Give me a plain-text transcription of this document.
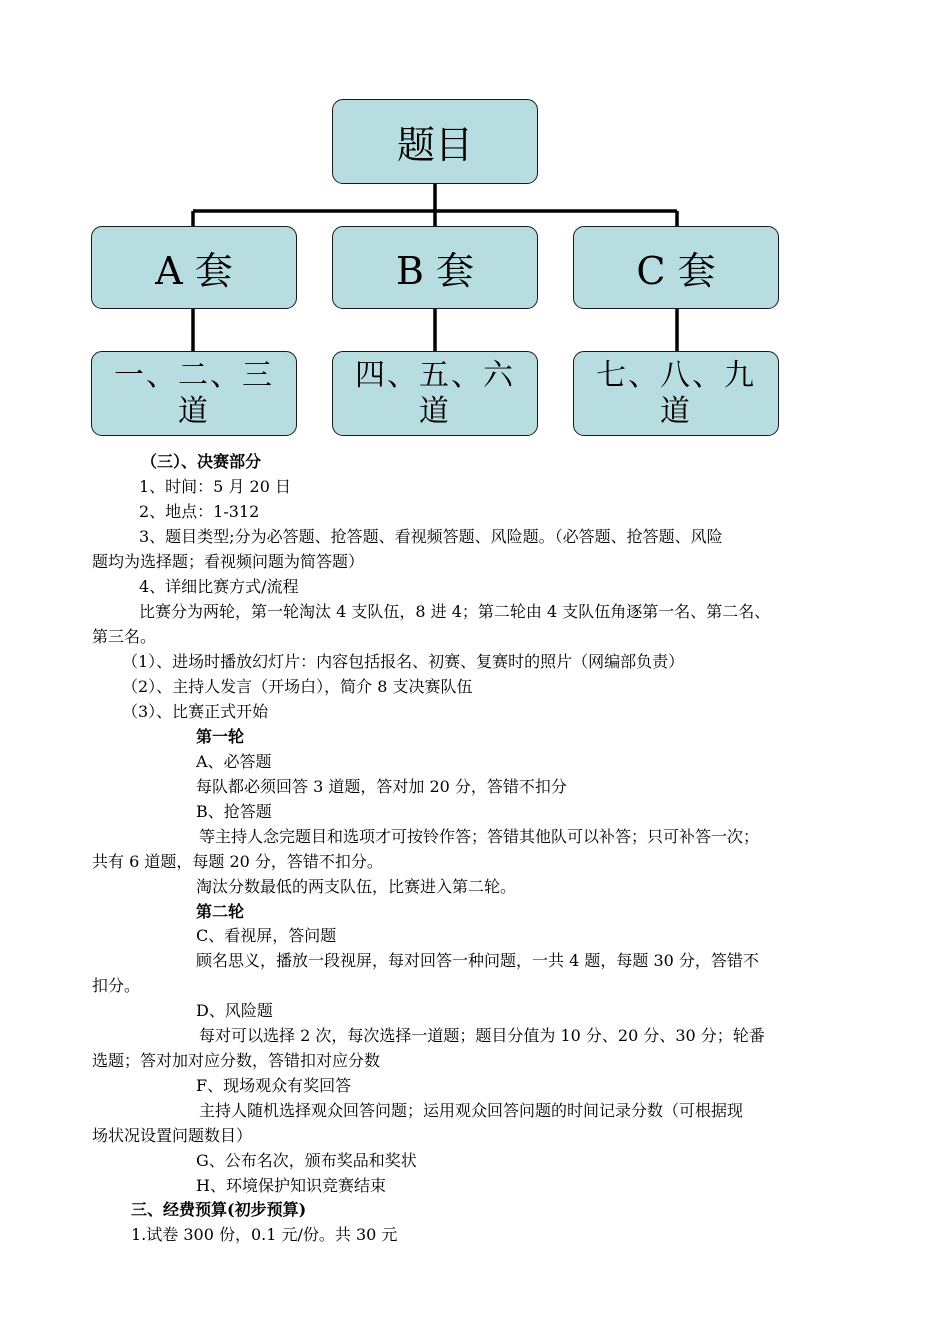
题目
A 套	B 套	C 套
一、二、三道
四、五、六道
七、八、九道
（三）、决赛部分
1、时间：5 月 20 日
2、地点：1-312
3、题目类型;分为必答题、抢答题、看视频答题、风险题。（必答题、抢答题、风险
题均为选择题；看视频问题为简答题）
4、详细比赛方式/流程
比赛分为两轮，第一轮淘汰 4 支队伍，8 进 4；第二轮由 4 支队伍角逐第一名、第二名、
第三名。
（1）、进场时播放幻灯片：内容包括报名、初赛、复赛时的照片（网编部负责）
（2）、主持人发言（开场白），简介 8 支决赛队伍
（3）、比赛正式开始
第一轮
A、必答题
每队都必须回答 3 道题，答对加 20 分，答错不扣分
B、抢答题
等主持人念完题目和选项才可按铃作答；答错其他队可以补答；只可补答一次；
共有 6 道题，每题 20 分，答错不扣分。
淘汰分数最低的两支队伍，比赛进入第二轮。
第二轮
C、看视屏，答问题
顾名思义，播放一段视屏，每对回答一种问题，一共 4 题，每题 30 分，答错不
扣分。
D、风险题
每对可以选择 2 次，每次选择一道题；题目分值为 10 分、20 分、30 分；轮番
选题；答对加对应分数，答错扣对应分数
F、现场观众有奖回答
主持人随机选择观众回答问题；运用观众回答问题的时间记录分数（可根据现
场状况设置问题数目）
G、公布名次，颁布奖品和奖状
H、环境保护知识竞赛结束
三、经费预算(初步预算)
1.试卷 300 份，0.1 元/份。共 30 元
